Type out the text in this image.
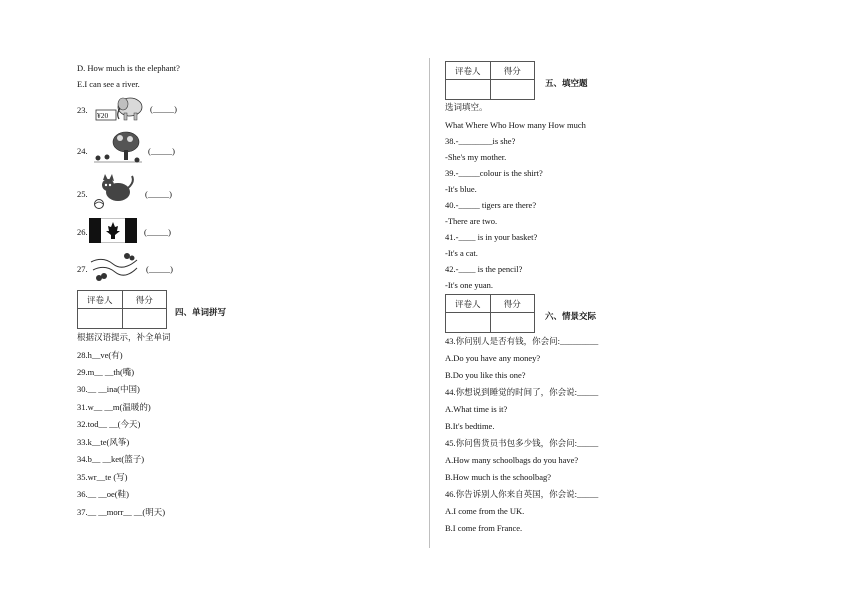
D. How much is the elephant?
E.I can see a river.
23.
¥20
(_____)
24.	(_____)
25.	(_____)
26.	(_____)
27.	(_____)
评卷人	得分

四、单词拼写
根据汉语提示，补全单词
28.h__ve(有)
29.m__ __th(嘴)
30.__ __ina(中国)
31.w__ __m(温暖的)
32.tod__ __(今天)
33.k__te(风筝)
34.b__ __ket(篮子)
35.wr__te (写)
36.__ __oe(鞋)
37.__ __morr__ __(明天)
评卷人	得分

五、填空题
选词填空。
What Where Who How many How much
38.-________is she?
-She's my mother.
39.-_____colour is the shirt?
-It's blue.
40.-_____ tigers are there?
-There are two.
41.-____ is in your basket?
-It's a cat.
42.-____ is the pencil?
-It's one yuan.
评卷人	得分

六、情景交际
43.你问别人是否有钱，你会问:_________
A.Do you have any money?
B.Do you like this one?
44.你想说到睡觉的时间了，你会说:_____
A.What time is it?
B.It's bedtime.
45.你问售货员书包多少钱，你会问:_____
A.How many schoolbags do you have?
B.How much is the schoolbag?
46.你告诉别人你来自英国，你会说:_____
A.I come from the UK.
B.I come from France.
